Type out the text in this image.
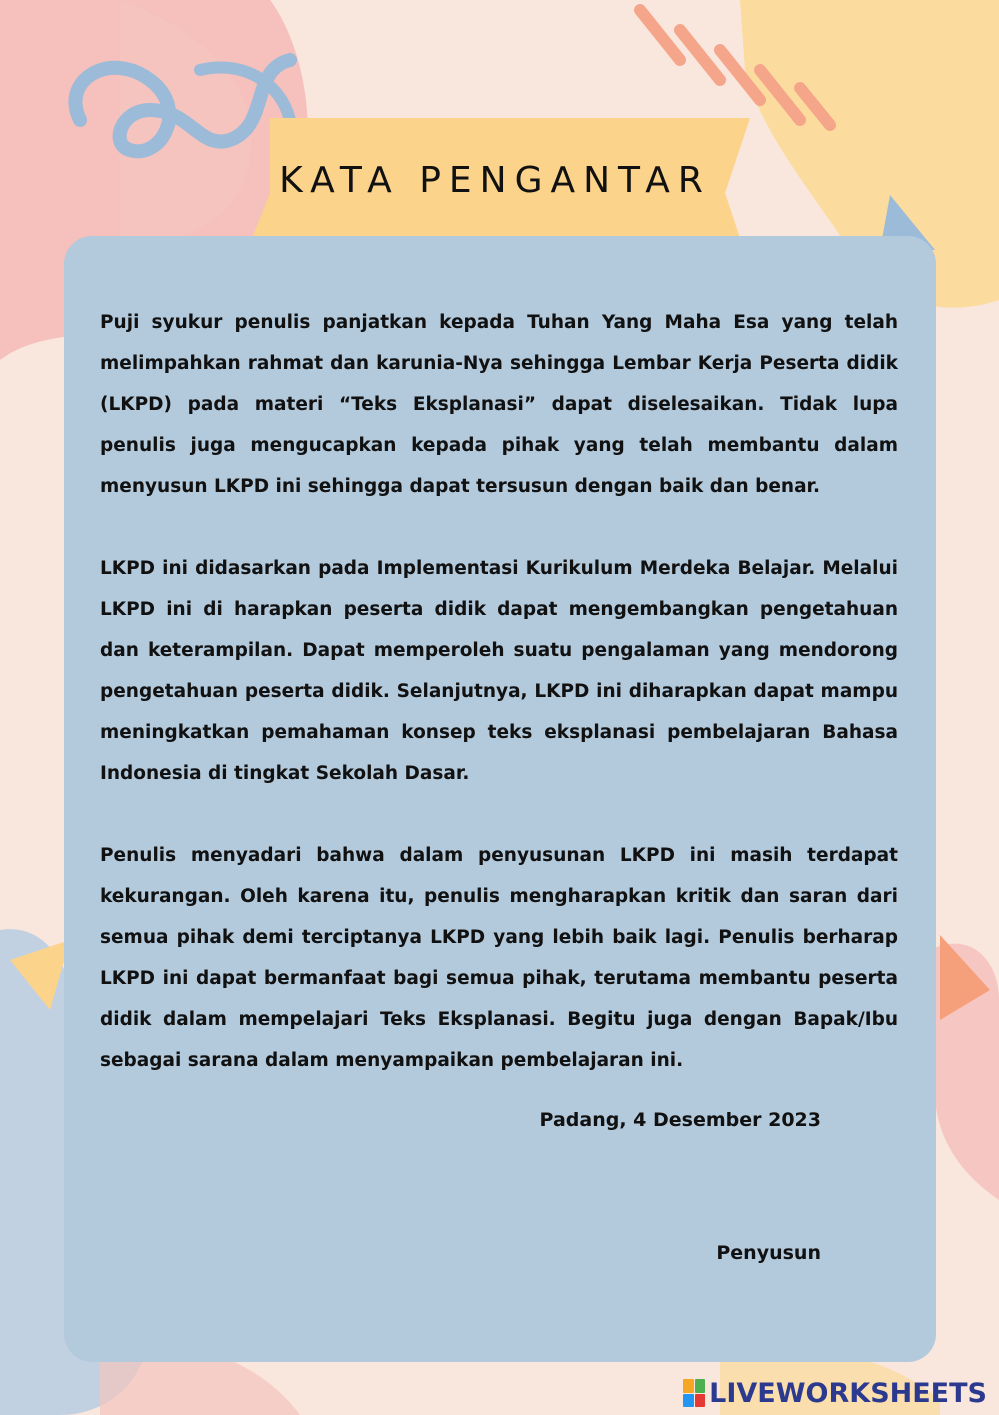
KATA PENGANTAR

Puji syukur penulis panjatkan kepada Tuhan Yang Maha Esa yang telah melimpahkan rahmat dan karunia-Nya sehingga Lembar Kerja Peserta didik (LKPD) pada materi “Teks Eksplanasi” dapat diselesaikan. Tidak lupa penulis juga mengucapkan kepada pihak yang telah membantu dalam menyusun LKPD ini sehingga dapat tersusun dengan baik dan benar.

LKPD ini didasarkan pada Implementasi Kurikulum Merdeka Belajar. Melalui LKPD ini di harapkan peserta didik dapat mengembangkan pengetahuan dan keterampilan. Dapat memperoleh suatu pengalaman yang mendorong pengetahuan peserta didik. Selanjutnya, LKPD ini diharapkan dapat mampu meningkatkan pemahaman konsep teks eksplanasi pembelajaran Bahasa Indonesia di tingkat Sekolah Dasar.

Penulis menyadari bahwa dalam penyusunan LKPD ini masih terdapat kekurangan. Oleh karena itu, penulis mengharapkan kritik dan saran dari semua pihak demi terciptanya LKPD yang lebih baik lagi. Penulis berharap LKPD ini dapat bermanfaat bagi semua pihak, terutama membantu peserta didik dalam mempelajari Teks Eksplanasi. Begitu juga dengan Bapak/Ibu sebagai sarana dalam menyampaikan pembelajaran ini.

Padang, 4 Desember 2023
Penyusun
LIVEWORKSHEETS
